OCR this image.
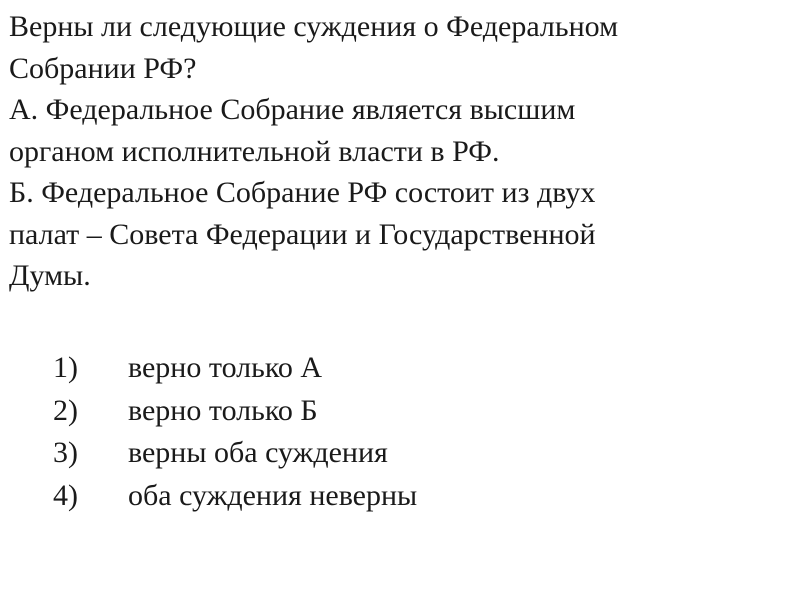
Верны ли следующие суждения о Федеральном
Собрании РФ?
А. Федеральное Собрание является высшим
органом исполнительной власти в РФ.
Б. Федеральное Собрание РФ состоит из двух
палат – Совета Федерации и Государственной
Думы.
1)	верно только А
2)	верно только Б
3)	верны оба суждения
4)	оба суждения неверны
